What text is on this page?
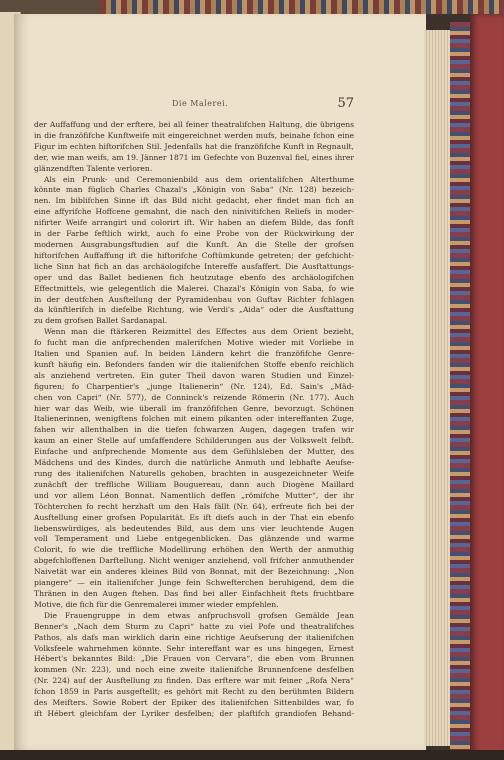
Die Malerei.	57
der Auffaffung und der erftere, bei all feiner theatralifchen Haltung, die übrigens
in die franzöfifche Kunftweife mit eingereichnet werden mufs, beinahe fchon eine
Figur im echten hiftorifchen Stil. Jedenfalls hat die franzöfifche Kunft in Regnault,
der, wie man weifs, am 19. Jänner 1871 im Gefechte von Buzenval fiel, eines ihrer
glänzendften Talente verloren.
Als ein Prunk- und Ceremonienbild aus dem orientalifchen Alterthume
könnte man füglich Charles Chazal's „Königin von Saba“ (Nr. 128) bezeich-
nen. Im biblifchen Sinne ift das Bild nicht gedacht, eher findet man fich an
eine affyrifche Hoffcene gemahnt, die nach den ninivitifchen Reliefs in moder-
nifirter Weife arrangirt und colorirt ift. Wir haben an diefem Bilde, das fonft
in der Farbe feftlich wirkt, auch fo eine Probe von der Rückwirkung der
modernen Ausgrabungsftudien auf die Kunft. An die Stelle der grofsen
hiftorifchen Auffaffung ift die hiftorifche Coftümkunde getreten; der gefchicht-
liche Sinn hat fich an das archäologifche Intereffe ausfaffert. Die Ausftattungs-
oper und das Ballet bedienen fich heutzutage ebenfo des archäologifchen
Effectmittels, wie gelegentlich die Malerei. Chazal's Königin von Saba, fo wie
in der deutfchen Ausftellung der Pyramidenbau von Guftav Richter fchlagen
da künftlerifch in diefelbe Richtung, wie Verdi's „Aida“ oder die Ausftattung
zu dem grofsen Ballet Sardanapal.
Wenn man die ftärkeren Reizmittel des Effectes aus dem Orient bezieht,
fo fucht man die anfprechenden malerifchen Motive wieder mit Vorliebe in
Italien und Spanien auf. In beiden Ländern kehrt die franzöfifche Genre-
kunft häufig ein. Befonders fanden wir die italienifchen Stoffe ebenfo reichlich
als anziehend vertreten. Ein guter Theil davon waren Studien und Einzel-
figuren; fo Charpentier's „junge Italienerin“ (Nr. 124), Ed. Sain's „Mäd-
chen von Capri“ (Nr. 577), de Conninck's reizende Römerin (Nr. 177). Auch
hier war das Weib, wie überall im franzöfifchen Genre, bevorzugt. Schönen
Italienerinnen, wenigftens folchen mit einem pikanten oder intereffanten Zuge,
fahen wir allenthalben in die tiefen fchwarzen Augen, dagegen trafen wir
kaum an einer Stelle auf umfaffendere Schilderungen aus der Volkswelt felbft.
Einfache und anfprechende Momente aus dem Gefühlsleben der Mutter, des
Mädchens und des Kindes, durch die natürliche Anmuth und lebhafte Aeufse-
rung des italienifchen Naturells gehoben, brachten in ausgezeichneter Weife
zunächft der treffliche William Bouguereau, dann auch Diogène Maillard
und vor allem Léon Bonnat. Namentlich deffen „römifche Mutter“, der ihr
Töchterchen fo recht herzhaft um den Hals fällt (Nr. 64), erfreute fich bei der
Ausftellung einer grofsen Popularität. Es ift diefs auch in der That ein ebenfo
liebenswürdiges, als bedeutendes Bild, aus dem uns vier leuchtende Augen
voll Temperament und Liebe entgegenblicken. Das glänzende und warme
Colorit, fo wie die treffliche Modellirung erhöhen den Werth der anmuthig
abgefchloffenen Darftellung. Nicht weniger anziehend, voll frifcher anmuthender
Naivetät war ein anderes kleines Bild von Bonnat, mit der Bezeichnung: „Non
piangere“ — ein italienifcher Junge fein Schwefterchen beruhigend, dem die
Thränen in den Augen ftehen. Das find bei aller Einfachheit ftets fruchtbare
Motive, die fich für die Genremalerei immer wieder empfehlen.
Die Frauengruppe in dem etwas anfpruchsvoll grofsen Gemälde Jean
Benner's „Nach dem Sturm zu Capri“ hatte zu viel Pofe und theatralifches
Pathos, als dafs man wirklich darin eine richtige Aeufserung der italienifchen
Volksfeele wahrnehmen könnte. Sehr intereffant war es uns hingegen, Ernest
Hébert's bekanntes Bild: „Die Frauen von Cervara“, die eben vom Brunnen
kommen (Nr. 223), und noch eine zweite italienifche Brunnenfcene desfelben
(Nr. 224) auf der Ausftellung zu finden. Das erftere war mit feiner „Rofa Nera“
fchon 1859 in Paris ausgeftellt; es gehört mit Recht zu den berühmten Bildern
des Meifters. Sowie Robert der Epiker des italienifchen Sittenbildes war, fo
ift Hébert gleichfam der Lyriker desfelben; der plaftifch grandiofen Behand-
